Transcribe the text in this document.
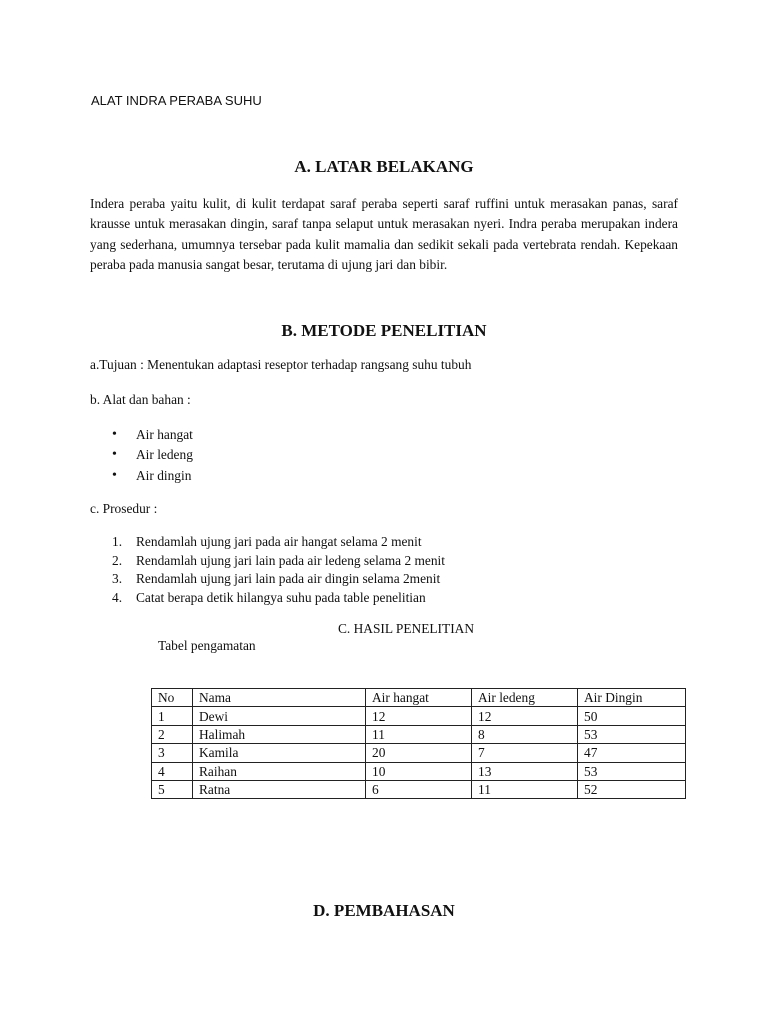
ALAT INDRA PERABA SUHU
A. LATAR BELAKANG
Indera peraba yaitu kulit, di kulit terdapat saraf peraba seperti saraf ruffini untuk merasakan panas, saraf krausse untuk merasakan dingin, saraf tanpa selaput untuk merasakan nyeri. Indra peraba merupakan indera yang sederhana, umumnya tersebar pada kulit mamalia dan sedikit sekali pada vertebrata rendah. Kepekaan peraba pada manusia sangat besar, terutama di ujung jari dan bibir.
B. METODE PENELITIAN
a.Tujuan : Menentukan adaptasi reseptor terhadap rangsang suhu tubuh
b. Alat dan bahan :
• Air hangat
• Air ledeng
• Air dingin
c. Prosedur :
1. Rendamlah ujung jari pada air hangat selama 2 menit
2. Rendamlah ujung jari lain pada air ledeng selama 2 menit
3. Rendamlah ujung jari lain pada air dingin selama 2menit
4. Catat berapa detik hilangya suhu pada table penelitian
C. HASIL PENELITIAN
Tabel pengamatan
No	Nama	Air hangat	Air ledeng	Air Dingin
1	Dewi	12	12	50
2	Halimah	11	8	53
3	Kamila	20	7	47
4	Raihan	10	13	53
5	Ratna	6	11	52
D. PEMBAHASAN
